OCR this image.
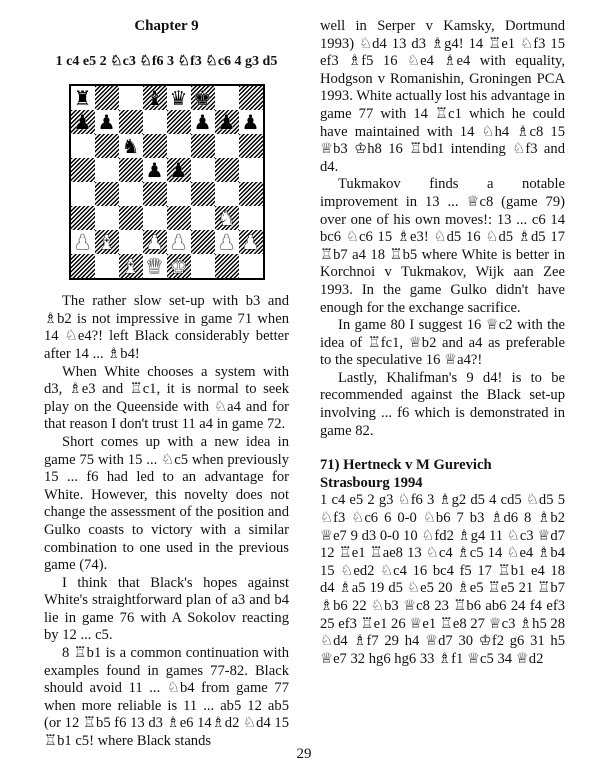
Chapter 9
1 c4 e5 2 ♘c3 ♘f6 3 ♘f3 ♘c6 4 g3 d5
♜	♝ ♛ ♚
♟ ♟	♟ ♟ ♟
♞
♟ ♟
♞
♟ ♝ ♟ ♟ ♟ ♟
♝ ♛ ♚

The rather slow set-up with b3 and ♗b2 is not impressive in game 71 when 14 ♘e4?! left Black considerably better after 14 ... ♗b4!

When White chooses a system with d3, ♗e3 and ♖c1, it is normal to seek play on the Queenside with ♘a4 and for that reason I don't trust 11 a4 in game 72.

Short comes up with a new idea in game 75 with 15 ... ♘c5 when previously 15 ... f6 had led to an advantage for White. However, this novelty does not change the assessment of the position and Gulko coasts to victory with a similar combination to one used in the previous game (74).

I think that Black's hopes against White's straightforward plan of a3 and b4 lie in game 76 with A Sokolov reacting by 12 ... c5.

8 ♖b1 is a common continuation with examples found in games 77-82. Black should avoid 11 ... ♘b4 from game 77 when more reliable is 11 ... ab5 12 ab5 (or 12 ♖b5 f6 13 d3 ♗e6 14♗d2 ♘d4 15 ♖b1 c5! where Black stands

well in Serper v Kamsky, Dortmund 1993) ♘d4 13 d3 ♗g4! 14 ♖e1 ♘f3 15 ef3 ♗f5 16 ♘e4 ♗e4 with equality, Hodgson v Romanishin, Groningen PCA 1993. White actually lost his advantage in game 77 with 14 ♖c1 which he could have maintained with 14 ♘h4 ♗c8 15 ♕b3 ♔h8 16 ♖bd1 intending ♘f3 and d4.

Tukmakov finds a notable improvement in 13 ... ♕c8 (game 79) over one of his own moves!: 13 ... c6 14 bc6 ♘c6 15 ♗e3! ♘d5 16 ♘d5 ♗d5 17 ♖b7 a4 18 ♖b5 where White is better in Korchnoi v Tukmakov, Wijk aan Zee 1993. In the game Gulko didn't have enough for the exchange sacrifice.

In game 80 I suggest 16 ♕c2 with the idea of ♖fc1, ♕b2 and a4 as preferable to the speculative 16 ♕a4?!

Lastly, Khalifman's 9 d4! is to be recommended against the Black set-up involving ... f6 which is demonstrated in game 82.

71) Hertneck v M Gurevich
Strasbourg 1994

1 c4 e5 2 g3 ♘f6 3 ♗g2 d5 4 cd5 ♘d5 5 ♘f3 ♘c6 6 0-0 ♘b6 7 b3 ♗d6 8 ♗b2 ♕e7 9 d3 0-0 10 ♘fd2 ♗g4 11 ♘c3 ♕d7 12 ♖e1 ♖ae8 13 ♘c4 ♗c5 14 ♘e4 ♗b4 15 ♘ed2 ♘c4 16 bc4 f5 17 ♖b1 e4 18 d4 ♗a5 19 d5 ♘e5 20 ♗e5 ♖e5 21 ♖b7 ♗b6 22 ♘b3 ♕c8 23 ♖b6 ab6 24 f4 ef3 25 ef3 ♖e1 26 ♕e1 ♖e8 27 ♕c3 ♗h5 28 ♘d4 ♗f7 29 h4 ♕d7 30 ♔f2 g6 31 h5 ♕e7 32 hg6 hg6 33 ♗f1 ♕c5 34 ♕d2

29
